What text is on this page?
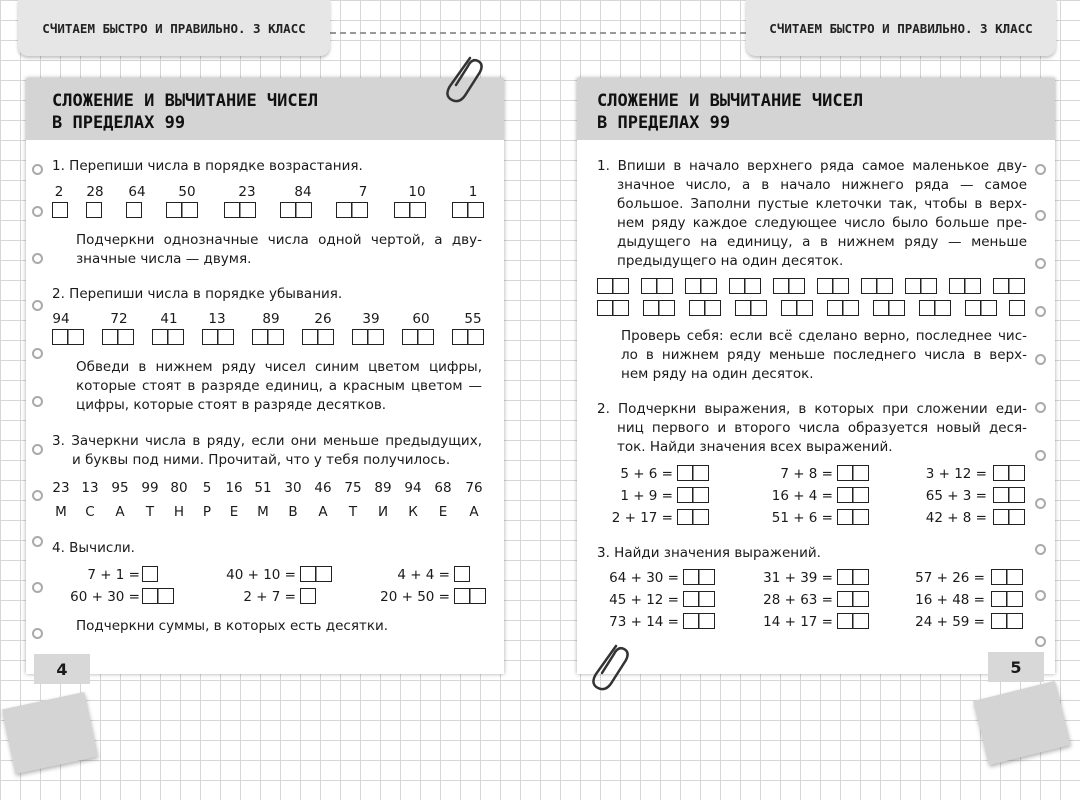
СЧИТАЕМ БЫСТРО И ПРАВИЛЬНО. 3 КЛАСС	СЧИТАЕМ БЫСТРО И ПРАВИЛЬНО. 3 КЛАСС
СЛОЖЕНИЕ И ВЫЧИТАНИЕ ЧИСЕЛ
В ПРЕДЕЛАХ 99
1. Перепиши числа в порядке возрастания.
2	28 64 50	23	84	7	10	1
Подчеркни однозначные числа одной чертой, а дву-
значные числа — двумя.
2. Перепиши числа в порядке убывания.
94	72 41 13	89	26 39 60	55
Обведи в нижнем ряду чисел синим цветом цифры,
которые стоят в разряде единиц, а красным цветом —
цифры, которые стоят в разряде десятков.
3. Зачеркни числа в ряду, если они меньше предыдущих,
и буквы под ними. Прочитай, что у тебя получилось.
23 13 95 99 80	5	16 51 30 46 75 89 94 68 76
М	С	А	Т	Н	Р	Е	М	В	А	Т	И	К	Е	А
4. Вычисли.
7 + 1 =	40 + 10 =	4 + 4 =
60 + 30 =	2 + 7 =	20 + 50 =
Подчеркни суммы, в которых есть десятки.
4
СЛОЖЕНИЕ И ВЫЧИТАНИЕ ЧИСЕЛ
В ПРЕДЕЛАХ 99
1. Впиши в начало верхнего ряда самое маленькое дву-
значное число, а в начало нижнего ряда — самое
большое. Заполни пустые клеточки так, чтобы в верх-
нем ряду каждое следующее число было больше пре-
дыдущего на единицу, а в нижнем ряду — меньше
предыдущего на один десяток.
Проверь себя: если всё сделано верно, последнее чис-
ло в нижнем ряду меньше последнего числа в верх-
нем ряду на один десяток.
2. Подчеркни выражения, в которых при сложении еди-
ниц первого и второго числа образуется новый деся-
ток. Найди значения всех выражений.
5 + 6 =	7 + 8 =	3 + 12 =
1 + 9 =	16 + 4 =	65 + 3 =
2 + 17 =	51 + 6 =	42 + 8 =
3. Найди значения выражений.
64 + 30 =	31 + 39 =	57 + 26 =
45 + 12 =	28 + 63 =	16 + 48 =
73 + 14 =	14 + 17 =	24 + 59 =
5
